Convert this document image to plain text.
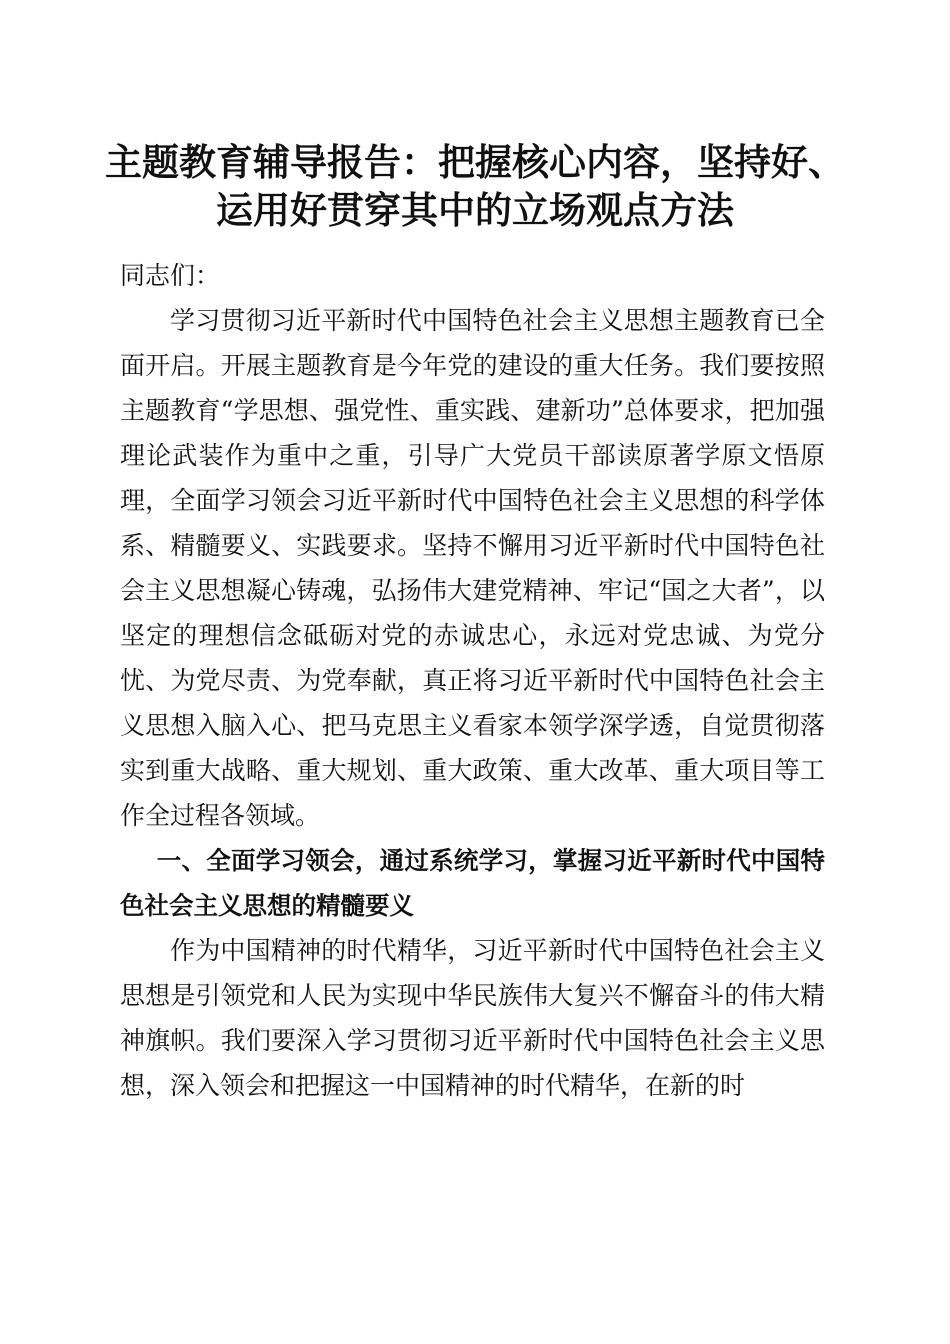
主题教育辅导报告：把握核心内容，坚持好、
运用好贯穿其中的立场观点方法

同志们：

学习贯彻习近平新时代中国特色社会主义思想主题教育已全面开启。开展主题教育是今年党的建设的重大任务。我们要按照主题教育“学思想、强党性、重实践、建新功”总体要求，把加强理论武装作为重中之重，引导广大党员干部读原著学原文悟原理，全面学习领会习近平新时代中国特色社会主义思想的科学体系、精髓要义、实践要求。坚持不懈用习近平新时代中国特色社会主义思想凝心铸魂，弘扬伟大建党精神、牢记“国之大者”，以坚定的理想信念砥砺对党的赤诚忠心，永远对党忠诚、为党分忧、为党尽责、为党奉献，真正将习近平新时代中国特色社会主义思想入脑入心、把马克思主义看家本领学深学透，自觉贯彻落实到重大战略、重大规划、重大政策、重大改革、重大项目等工作全过程各领域。

一、全面学习领会，通过系统学习，掌握习近平新时代中国特色社会主义思想的精髓要义

作为中国精神的时代精华，习近平新时代中国特色社会主义思想是引领党和人民为实现中华民族伟大复兴不懈奋斗的伟大精神旗帜。我们要深入学习贯彻习近平新时代中国特色社会主义思想，深入领会和把握这一中国精神的时代精华，在新的时
